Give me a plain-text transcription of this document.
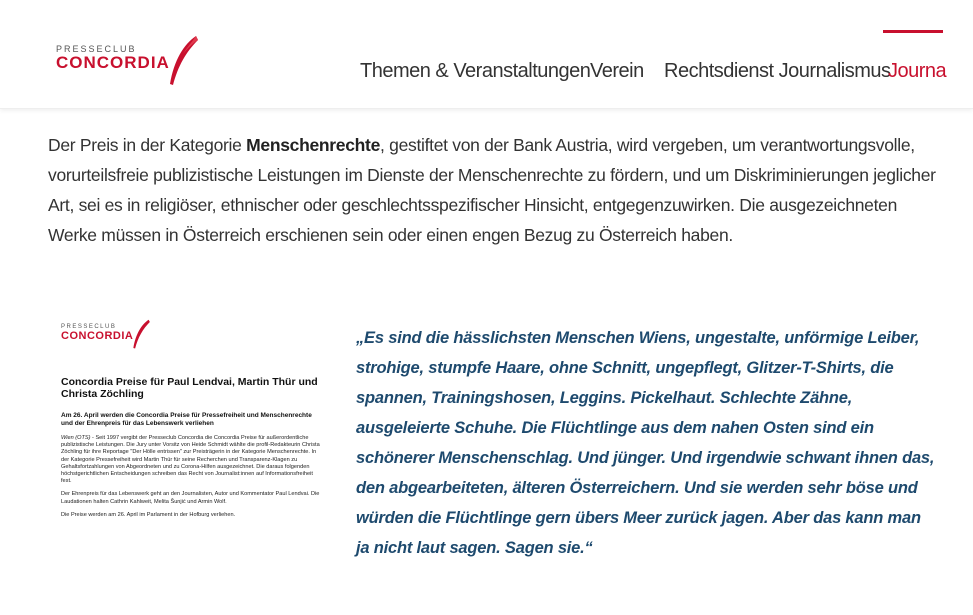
PRESSECLUB
CONCORDIA	Themen & Veranstaltungen Verein Rechtsdienst Journalismus
Journa

Der Preis in der Kategorie Menschenrechte, gestiftet von der Bank Austria, wird vergeben, um verantwortungsvolle, vorurteilsfreie publizistische Leistungen im Dienste der Menschenrechte zu fördern, und um Diskriminierungen jeglicher Art, sei es in religiöser, ethnischer oder geschlechtsspezifischer Hinsicht, entgegenzuwirken. Die ausgezeichneten Werke müssen in Österreich erschienen sein oder einen engen Bezug zu Österreich haben.

PRESSECLUB
CONCORDIA
Concordia Preise für Paul Lendvai, Martin Thür und Christa Zöchling
Am 26. April werden die Concordia Preise für Pressefreiheit und Menschenrechte und der Ehrenpreis für das Lebenswerk verliehen

Wien (OTS) - Seit 1997 vergibt der Presseclub Concordia die Concordia Preise für außerordentliche publizistische Leistungen. Die Jury unter Vorsitz von Heide Schmidt wählte die profil-Redakteurin Christa Zöchling für ihre Reportage "Der Hölle entrissen" zur Preisträgerin in der Kategorie Menschenrechte. In der Kategorie Pressefreiheit wird Martin Thür für seine Recherchen und Transparenz-Klagen zu Gehaltsfortzahlungen von Abgeordneten und zu Corona-Hilfen ausgezeichnet. Die daraus folgenden höchstgerichtlichen Entscheidungen schreiben das Recht von Journalist:innen auf Informationsfreiheit fest.

Der Ehrenpreis für das Lebenswerk geht an den Journalisten, Autor und Kommentator Paul Lendvai. Die Laudationen halten Cathrin Kahlweit, Melita Šunjić und Armin Wolf.

Die Preise werden am 26. April im Parlament in der Hofburg verliehen.

„Es sind die hässlichsten Menschen Wiens, ungestalte, unförmige Leiber, strohige, stumpfe Haare, ohne Schnitt, ungepflegt, Glitzer-T-Shirts, die spannen, Trainingshosen, Leggins. Pickelhaut. Schlechte Zähne, ausgeleierte Schuhe. Die Flüchtlinge aus dem nahen Osten sind ein schönerer Menschenschlag. Und jünger. Und irgendwie schwant ihnen das, den abgearbeiteten, älteren Österreichern. Und sie werden sehr böse und würden die Flüchtlinge gern übers Meer zurück jagen. Aber das kann man ja nicht laut sagen. Sagen sie.“
